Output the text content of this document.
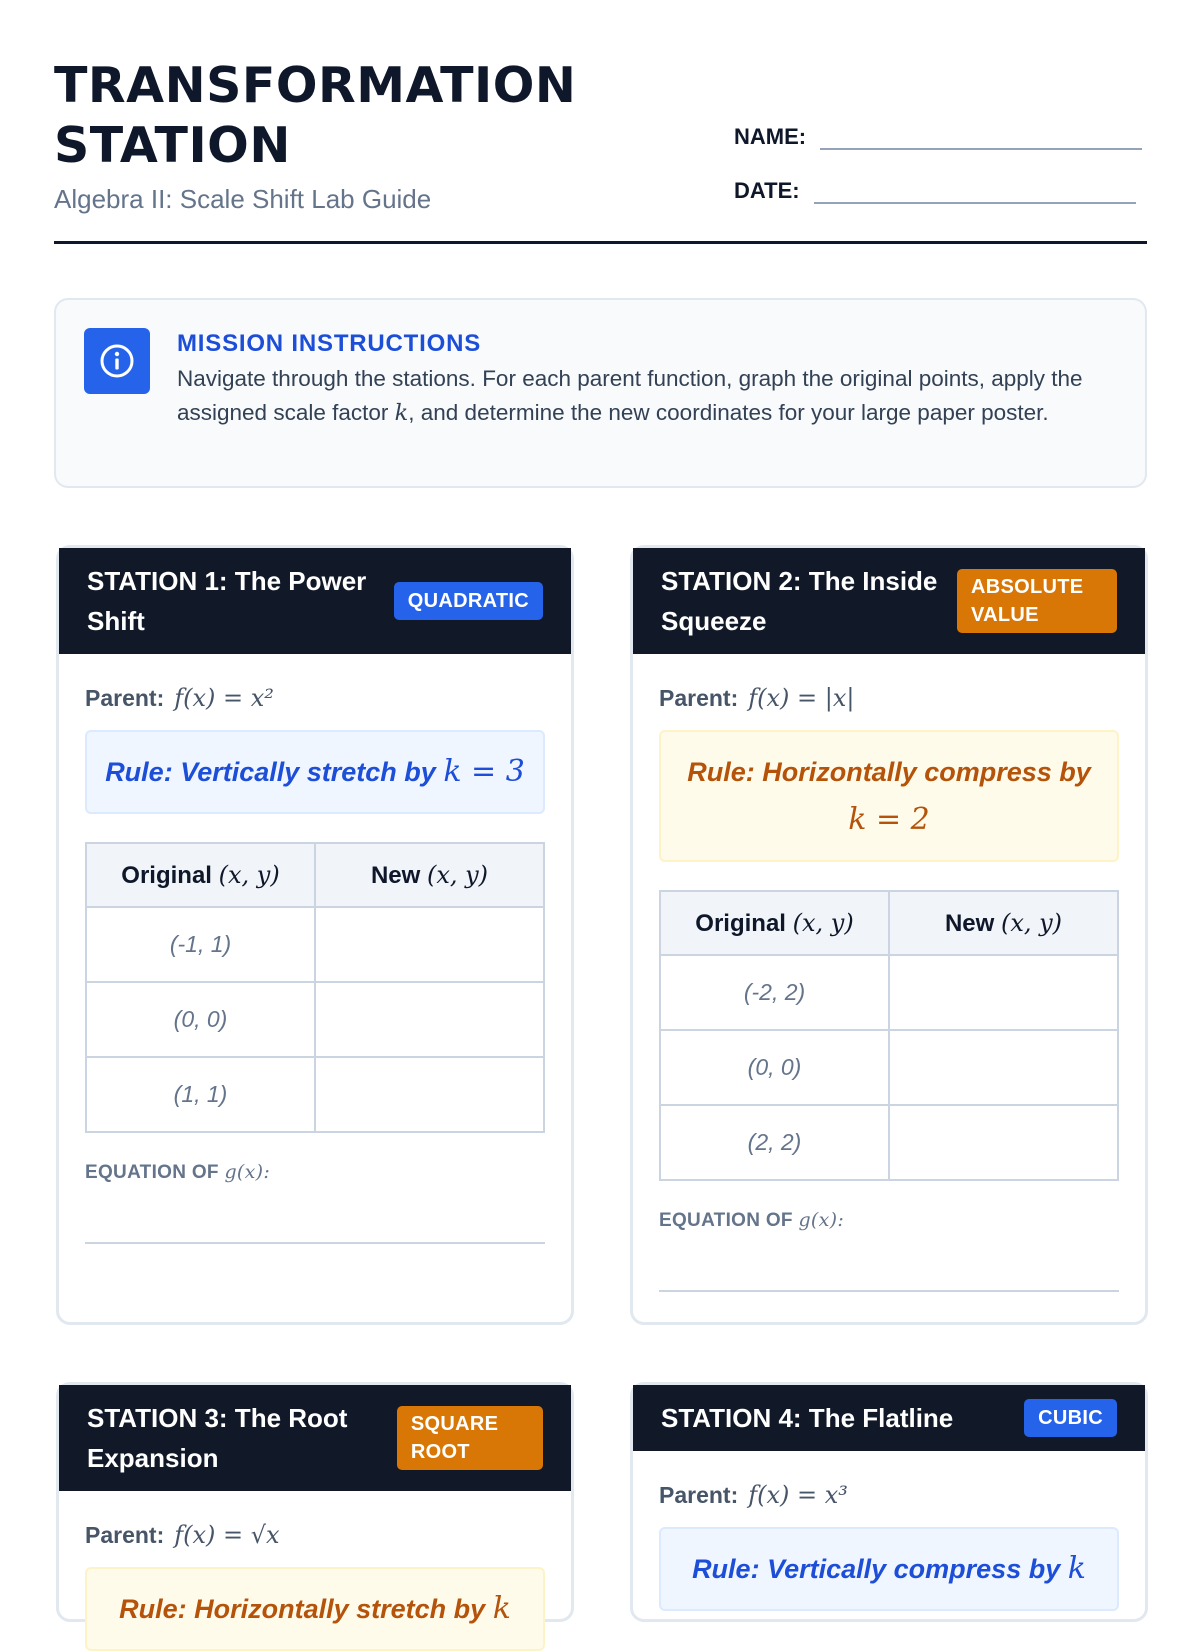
TRANSFORMATION
STATION
Algebra II: Scale Shift Lab Guide
NAME:
DATE:
MISSION INSTRUCTIONS
Navigate through the stations. For each parent function, graph the original points, apply the assigned scale factor k, and determine the new coordinates for your large paper poster.
STATION 1: The Power Shift
QUADRATIC
Parent: f(x) = x²
Rule: Vertically stretch by k = 3
Original (x, y)	New (x, y)
(-1, 1)	
(0, 0)	
(1, 1)	
EQUATION OF g(x):
STATION 2: The Inside Squeeze
ABSOLUTE VALUE
Parent: f(x) = |x|
Rule: Horizontally compress by k = 2
Original (x, y)	New (x, y)
(-2, 2)	
(0, 0)	
(2, 2)	
EQUATION OF g(x):
STATION 3: The Root Expansion
SQUARE ROOT
Parent: f(x) = √x
Rule: Horizontally stretch by k
STATION 4: The Flatline	CUBIC
Parent: f(x) = x³
Rule: Vertically compress by k
